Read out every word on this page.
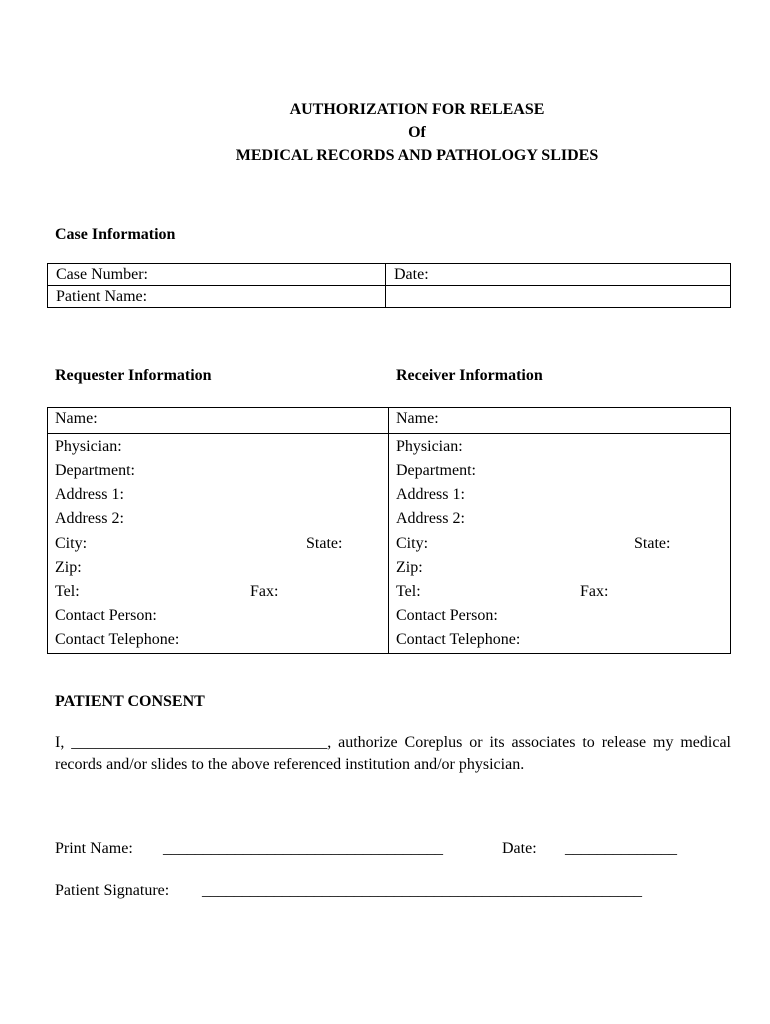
AUTHORIZATION FOR RELEASE
Of
MEDICAL RECORDS AND PATHOLOGY SLIDES
Case Information
Case Number:	Date:
Patient Name:	
Requester Information	Receiver Information
Name:
Physician:
Department:
Address 1:
Address 2:
City:	State:
Zip:
Tel:	Fax:
Contact Person:
Contact Telephone:
Name:
Physician:
Department:
Address 1:
Address 2:
City:	State:
Zip:
Tel:	Fax:
Contact Person:
Contact Telephone:
PATIENT CONSENT
I, ________________________________, authorize Coreplus or its associates to release my medical records and/or slides to the above referenced institution and/or physician.
Print Name: ___________________________________	Date: ______________
Patient Signature: _______________________________________________________
